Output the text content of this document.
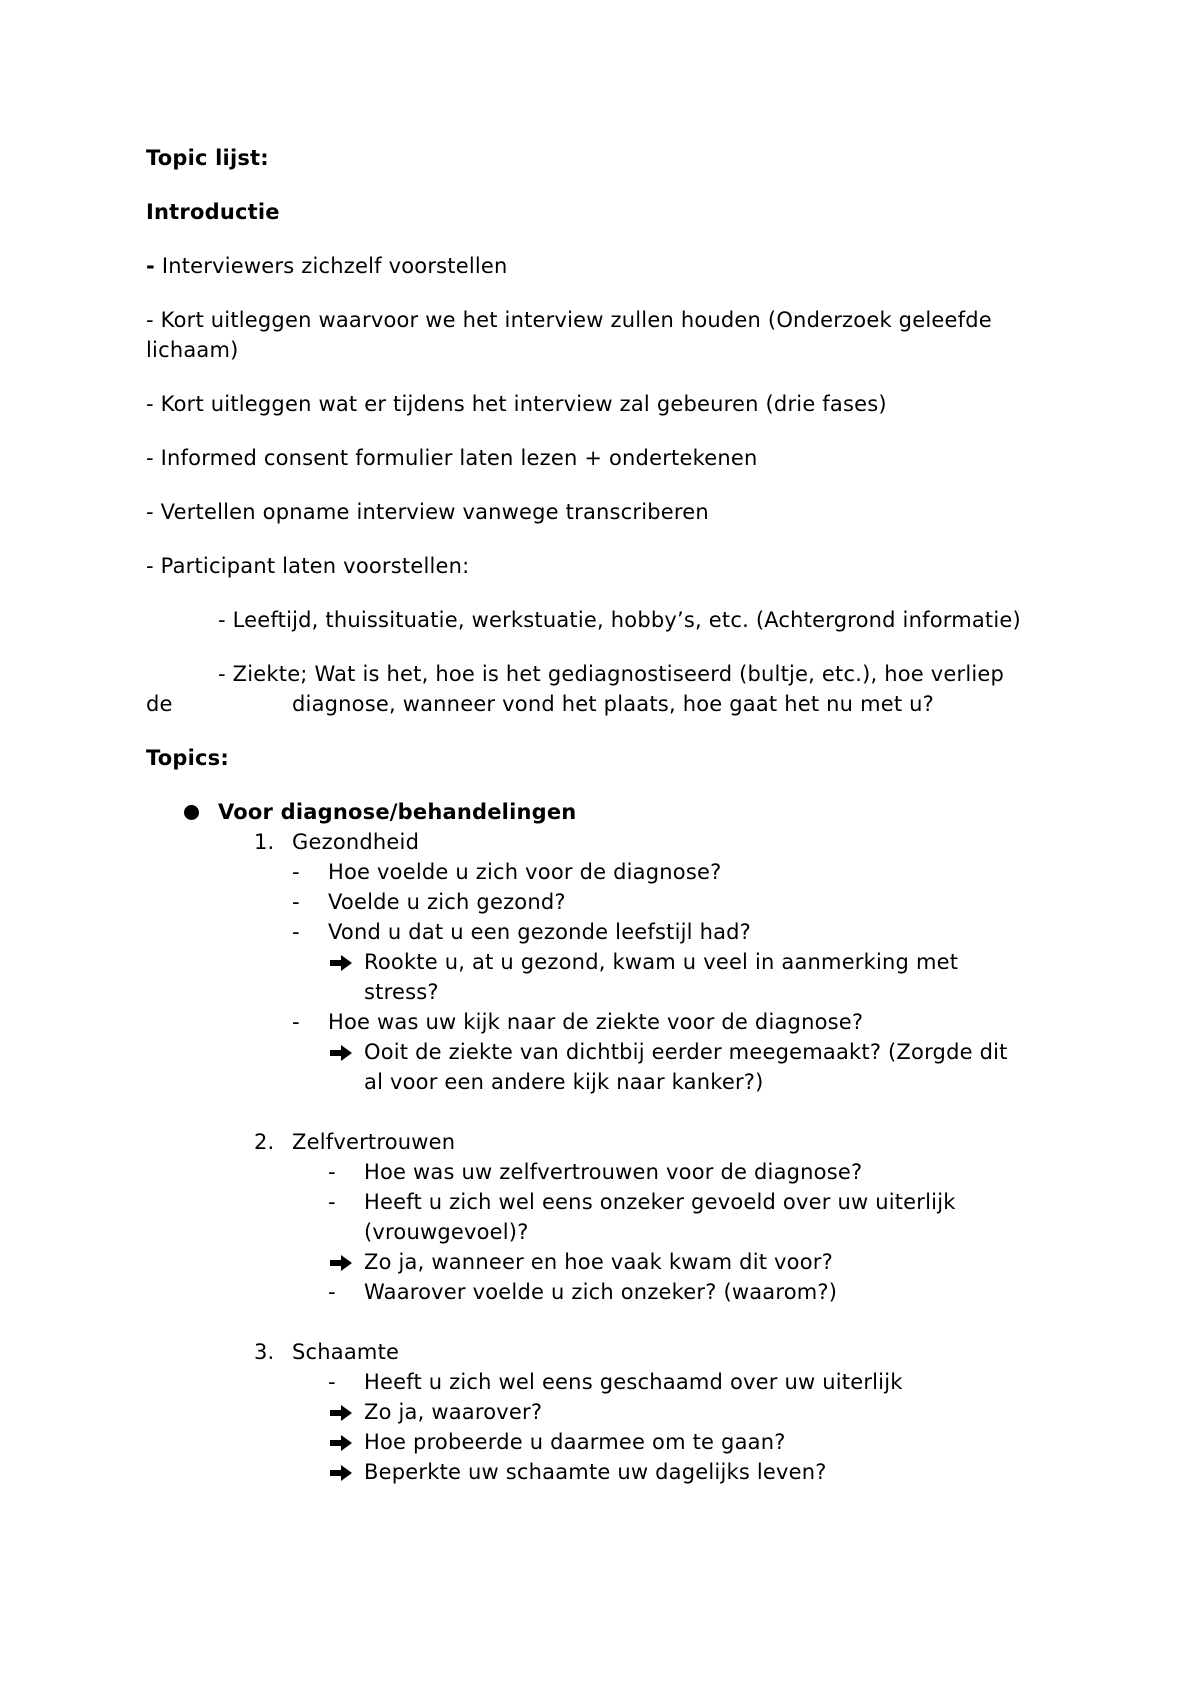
Topic lijst:
Introductie
- Interviewers zichzelf voorstellen
- Kort uitleggen waarvoor we het interview zullen houden (Onderzoek geleefde
lichaam)
- Kort uitleggen wat er tijdens het interview zal gebeuren (drie fases)
- Informed consent formulier laten lezen + ondertekenen
- Vertellen opname interview vanwege transcriberen
- Participant laten voorstellen:
- Leeftijd, thuissituatie, werkstuatie, hobby’s, etc. (Achtergrond informatie)
- Ziekte; Wat is het, hoe is het gediagnostiseerd (bultje, etc.), hoe verliep
de	diagnose, wanneer vond het plaats, hoe gaat het nu met u?
Topics:
Voor diagnose/behandelingen
1. Gezondheid
- Hoe voelde u zich voor de diagnose?
- Voelde u zich gezond?
- Vond u dat u een gezonde leefstijl had?
Rookte u, at u gezond, kwam u veel in aanmerking met
stress?
- Hoe was uw kijk naar de ziekte voor de diagnose?
Ooit de ziekte van dichtbij eerder meegemaakt? (Zorgde dit
al voor een andere kijk naar kanker?)
2. Zelfvertrouwen
- Hoe was uw zelfvertrouwen voor de diagnose?
- Heeft u zich wel eens onzeker gevoeld over uw uiterlijk
(vrouwgevoel)?
Zo ja, wanneer en hoe vaak kwam dit voor?
- Waarover voelde u zich onzeker? (waarom?)
3. Schaamte
- Heeft u zich wel eens geschaamd over uw uiterlijk
Zo ja, waarover?
Hoe probeerde u daarmee om te gaan?
Beperkte uw schaamte uw dagelijks leven?
